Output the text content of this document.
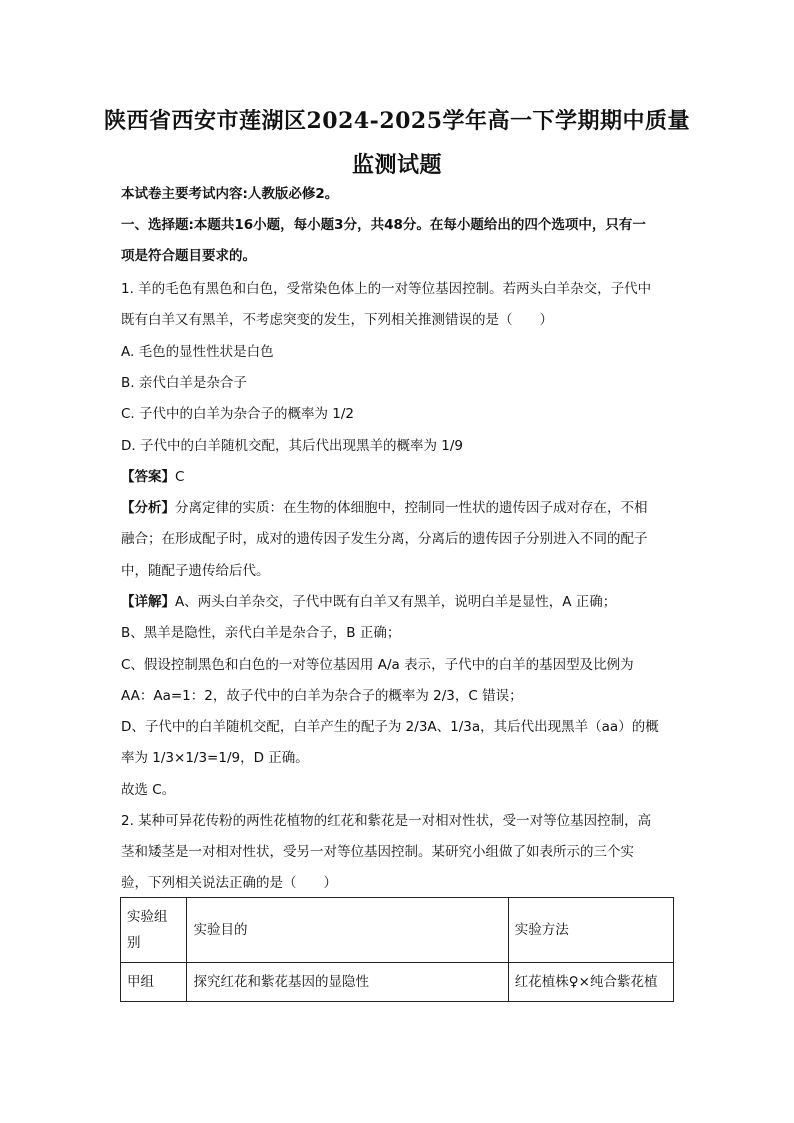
陕西省西安市莲湖区2024-2025学年高一下学期期中质量
监测试题
本试卷主要考试内容:人教版必修2。
一、选择题:本题共16小题，每小题3分，共48分。在每小题给出的四个选项中，只有一
项是符合题目要求的。
1. 羊的毛色有黑色和白色，受常染色体上的一对等位基因控制。若两头白羊杂交，子代中
既有白羊又有黑羊，不考虑突变的发生，下列相关推测错误的是（　　）
A. 毛色的显性性状是白色
B. 亲代白羊是杂合子
C. 子代中的白羊为杂合子的概率为 1/2
D. 子代中的白羊随机交配，其后代出现黑羊的概率为 1/9
【答案】C
【分析】分离定律的实质：在生物的体细胞中，控制同一性状的遗传因子成对存在，不相
融合；在形成配子时，成对的遗传因子发生分离，分离后的遗传因子分别进入不同的配子
中，随配子遗传给后代。
【详解】A、两头白羊杂交，子代中既有白羊又有黑羊，说明白羊是显性，A 正确；
B、黑羊是隐性，亲代白羊是杂合子，B 正确；
C、假设控制黑色和白色的一对等位基因用 A/a 表示，子代中的白羊的基因型及比例为
AA：Aa=1：2，故子代中的白羊为杂合子的概率为 2/3，C 错误；
D、子代中的白羊随机交配，白羊产生的配子为 2/3A、1/3a，其后代出现黑羊（aa）的概
率为 1/3×1/3=1/9，D 正确。
故选 C。
2. 某种可异花传粉的两性花植物的红花和紫花是一对相对性状，受一对等位基因控制，高
茎和矮茎是一对相对性状，受另一对等位基因控制。某研究小组做了如表所示的三个实
验，下列相关说法正确的是（　　）
实验组别	实验目的	实验方法
甲组	探究红花和紫花基因的显隐性	红花植株♀×纯合紫花植
